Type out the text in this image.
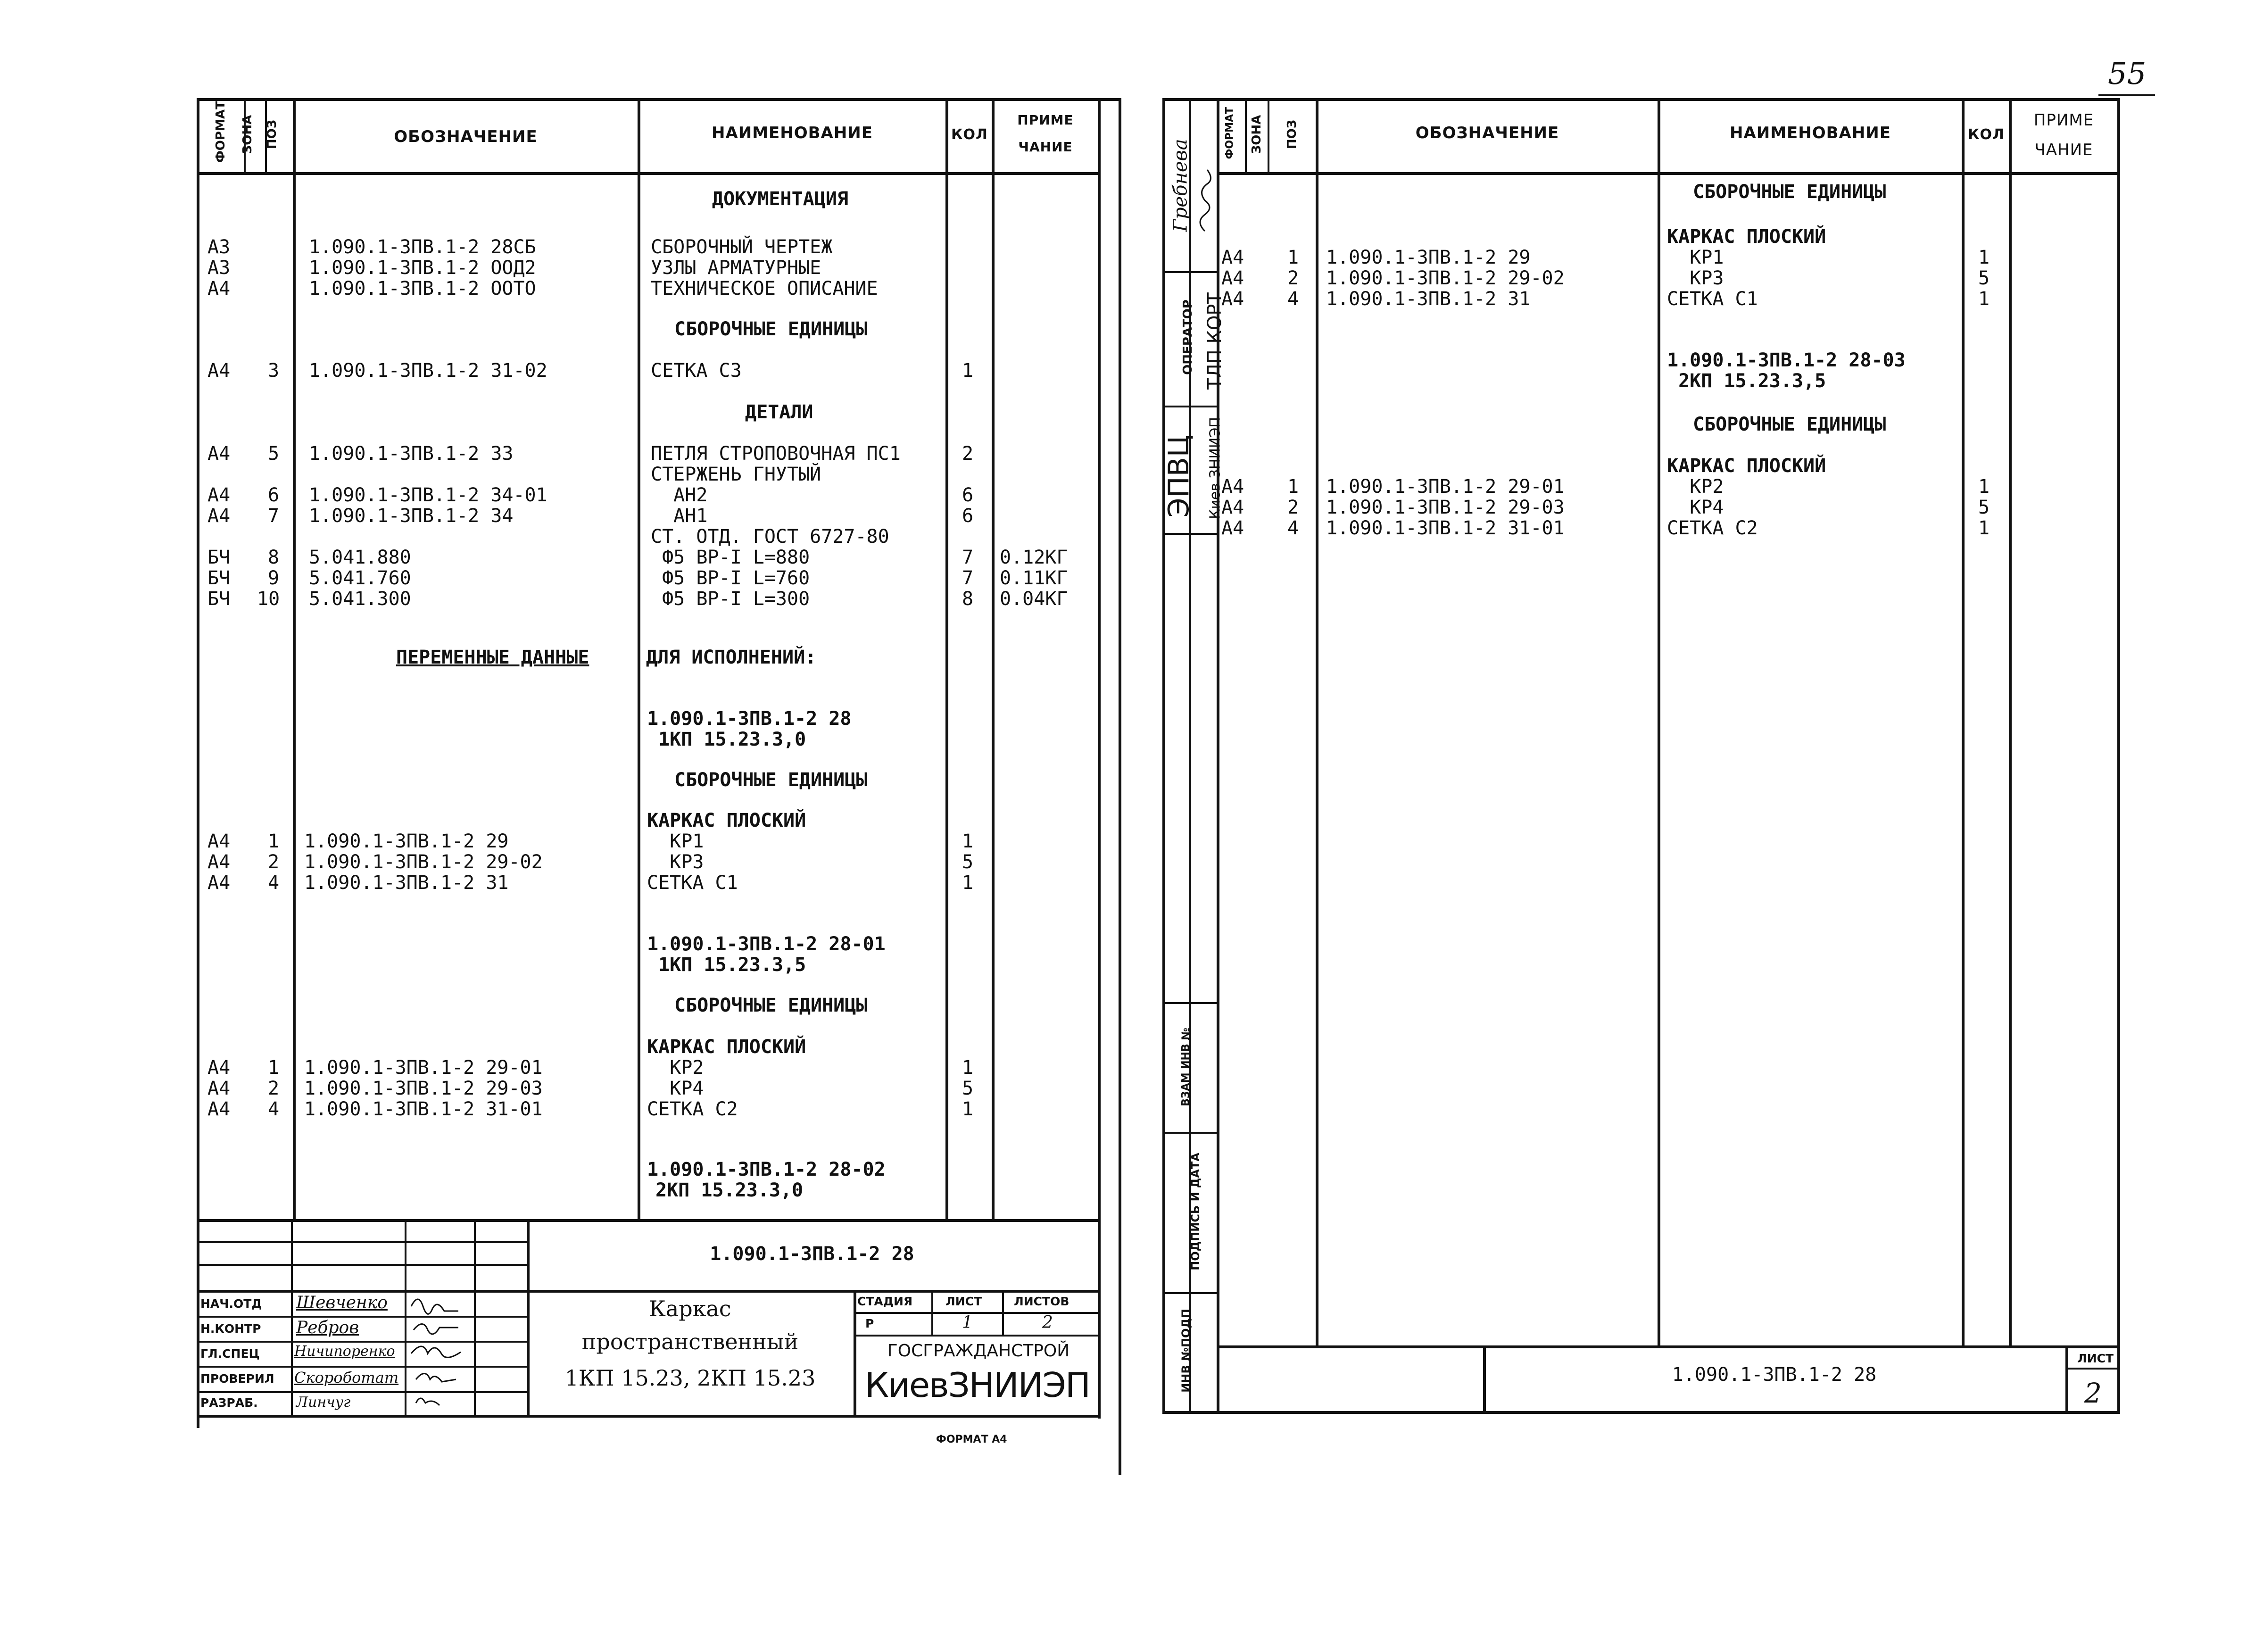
55
ФОРМАТ ЗОНА ПОЗ	ОБОЗНАЧЕНИЕ	НАИМЕНОВАНИЕ	КОЛ
ПРИМЕ
ЧАНИЕ
ДОКУМЕНТАЦИЯ
А3	1.090.1-3ПВ.1-2 28СБ	СБОРОЧНЫЙ ЧЕРТЕЖ
А3	1.090.1-3ПВ.1-2 ООД2	УЗЛЫ АРМАТУРНЫЕ
А4	1.090.1-3ПВ.1-2 ООТО	ТЕХНИЧЕСКОЕ ОПИСАНИЕ
СБОРОЧНЫЕ ЕДИНИЦЫ
А4 3 1.090.1-3ПВ.1-2 31-02	СЕТКА С3	1
ДЕТАЛИ
А4 5 1.090.1-3ПВ.1-2 33	ПЕТЛЯ СТРОПОВОЧНАЯ ПС1	2
СТЕРЖЕНЬ ГНУТЫЙ
А4 6 1.090.1-3ПВ.1-2 34-01	АН2	6
А4 7 1.090.1-3ПВ.1-2 34	АН1	6
СТ. ОТД. ГОСТ 6727-80
БЧ 8 5.041.880	Ф5 ВР-I L=880	7 0.12КГ
БЧ 9 5.041.760	Ф5 ВР-I L=760	7 0.11КГ
БЧ 10 5.041.300	Ф5 ВР-I L=300	8 0.04КГ
ПЕРЕМЕННЫЕ ДАННЫЕ	ДЛЯ ИСПОЛНЕНИЙ:
1.090.1-3ПВ.1-2 28
1КП 15.23.3,0
СБОРОЧНЫЕ ЕДИНИЦЫ
КАРКАС ПЛОСКИЙ
А4 1 1.090.1-3ПВ.1-2 29	КР1	1
А4 2 1.090.1-3ПВ.1-2 29-02	КР3	5
А4 4 1.090.1-3ПВ.1-2 31	СЕТКА С1	1
1.090.1-3ПВ.1-2 28-01
1КП 15.23.3,5
СБОРОЧНЫЕ ЕДИНИЦЫ
КАРКАС ПЛОСКИЙ
А4 1 1.090.1-3ПВ.1-2 29-01	КР2	1
А4 2 1.090.1-3ПВ.1-2 29-03	КР4	5
А4 4 1.090.1-3ПВ.1-2 31-01	СЕТКА С2	1
1.090.1-3ПВ.1-2 28-02
2КП 15.23.3,0
1.090.1-3ПВ.1-2 28
НАЧ.ОТД
Н.КОНТР
ГЛ.СПЕЦ
ПРОВЕРИЛ
РАЗРАБ.
Шевченко
Ребров
Ничипоренко
Скороботат
Линчуг
Каркас
пространственный
1КП 15.23, 2КП 15.23
СТАДИЯ	ЛИСТ	ЛИСТОВ
Р	1	2
ГОСГРАЖДАНСТРОЙ
КиевЗНИИЭП
ФОРМАТ А4
ФОРМАТ ЗОНА ПОЗ	ОБОЗНАЧЕНИЕ	НАИМЕНОВАНИЕ	КОЛ
ПРИМЕ
ЧАНИЕ
Гребнева
ОПЕРАТОР ТЛП КОРТ
ЭПВЦ Киев ЗНИИЭП
ВЗАМ ИНВ №
ПОДПИСЬ И ДАТА
ИНВ №ПОДП
СБОРОЧНЫЕ ЕДИНИЦЫ
КАРКАС ПЛОСКИЙ
А4 1 1.090.1-3ПВ.1-2 29	КР1	1
А4 2 1.090.1-3ПВ.1-2 29-02	КР3	5
А4 4 1.090.1-3ПВ.1-2 31	СЕТКА С1	1
1.090.1-3ПВ.1-2 28-03
2КП 15.23.3,5
СБОРОЧНЫЕ ЕДИНИЦЫ
КАРКАС ПЛОСКИЙ
А4 1 1.090.1-3ПВ.1-2 29-01	КР2	1
А4 2 1.090.1-3ПВ.1-2 29-03	КР4	5
А4 4 1.090.1-3ПВ.1-2 31-01	СЕТКА С2	1
1.090.1-3ПВ.1-2 28
ЛИСТ
2
